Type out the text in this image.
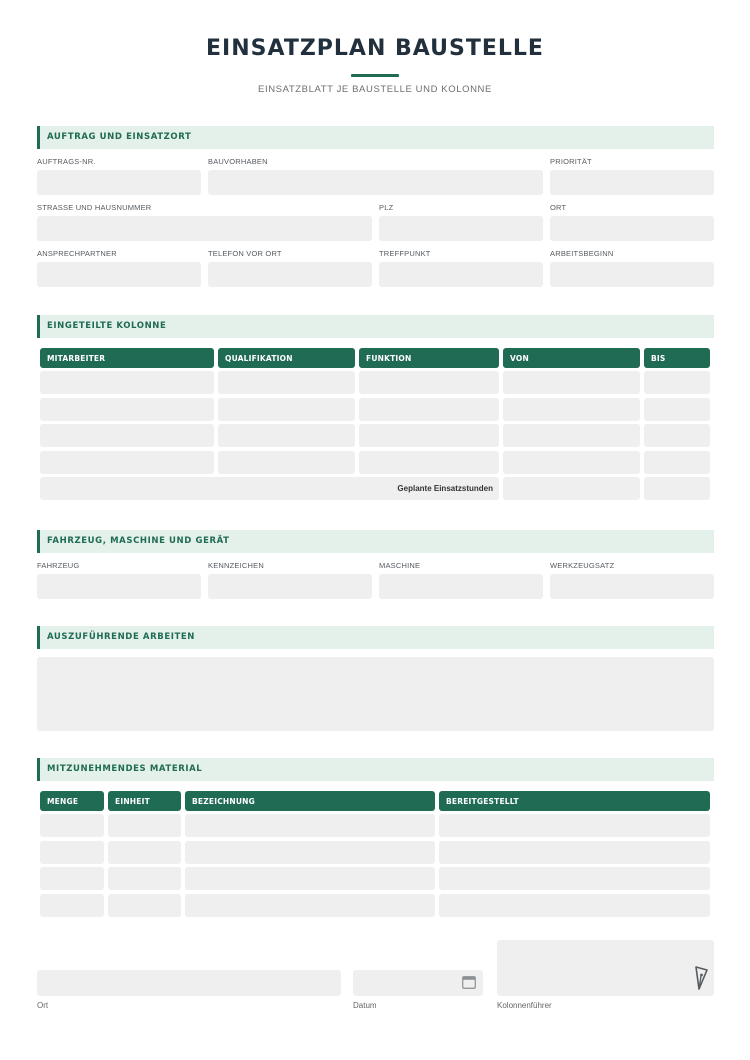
EINSATZPLAN BAUSTELLE
EINSATZBLATT JE BAUSTELLE UND KOLONNE
AUFTRAG UND EINSATZORT
AUFTRAGS-NR.	BAUVORHABEN	PRIORITÄT
STRASSE UND HAUSNUMMER	PLZ	ORT
ANSPRECHPARTNER	TELEFON VOR ORT	TREFFPUNKT	ARBEITSBEGINN
EINGETEILTE KOLONNE
MITARBEITER	QUALIFIKATION	FUNKTION	VON	BIS
Geplante Einsatzstunden
FAHRZEUG, MASCHINE UND GERÄT
FAHRZEUG	KENNZEICHEN	MASCHINE	WERKZEUGSATZ
AUSZUFÜHRENDE ARBEITEN
MITZUNEHMENDES MATERIAL
MENGE	EINHEIT	BEZEICHNUNG	BEREITGESTELLT
Ort	Datum	Kolonnenführer
